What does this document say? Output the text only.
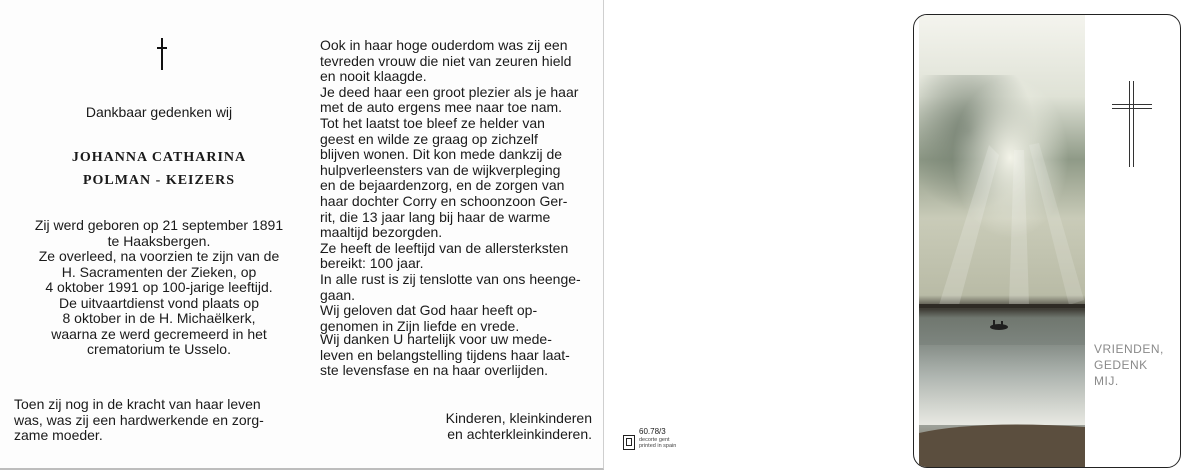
Dankbaar gedenken wij
JOHANNA CATHARINA
POLMAN - KEIZERS
Zij werd geboren op 21 september 1891
te Haaksbergen.
Ze overleed, na voorzien te zijn van de
H. Sacramenten der Zieken, op
4 oktober 1991 op 100-jarige leeftijd.
De uitvaartdienst vond plaats op
8 oktober in de H. Michaëlkerk,
waarna ze werd gecremeerd in het
crematorium te Usselo.
Toen zij nog in de kracht van haar leven
was, was zij een hardwerkende en zorg-
zame moeder.
Ook in haar hoge ouderdom was zij een
tevreden vrouw die niet van zeuren hield
en nooit klaagde.
Je deed haar een groot plezier als je haar
met de auto ergens mee naar toe nam.
Tot het laatst toe bleef ze helder van
geest en wilde ze graag op zichzelf
blijven wonen. Dit kon mede dankzij de
hulpverleensters van de wijkverpleging
en de bejaardenzorg, en de zorgen van
haar dochter Corry en schoonzoon Ger-
rit, die 13 jaar lang bij haar de warme
maaltijd bezorgden.
Ze heeft de leeftijd van de allersterksten
bereikt: 100 jaar.
In alle rust is zij tenslotte van ons heenge-
gaan.
Wij geloven dat God haar heeft op-
genomen in Zijn liefde en vrede.
Wij danken U hartelijk voor uw mede-
leven en belangstelling tijdens haar laat-
ste levensfase en na haar overlijden.
Kinderen, kleinkinderen
en achterkleinkinderen.	60.78/3
decorte gent
printed in spain
VRIENDEN,
GEDENK
MIJ.
